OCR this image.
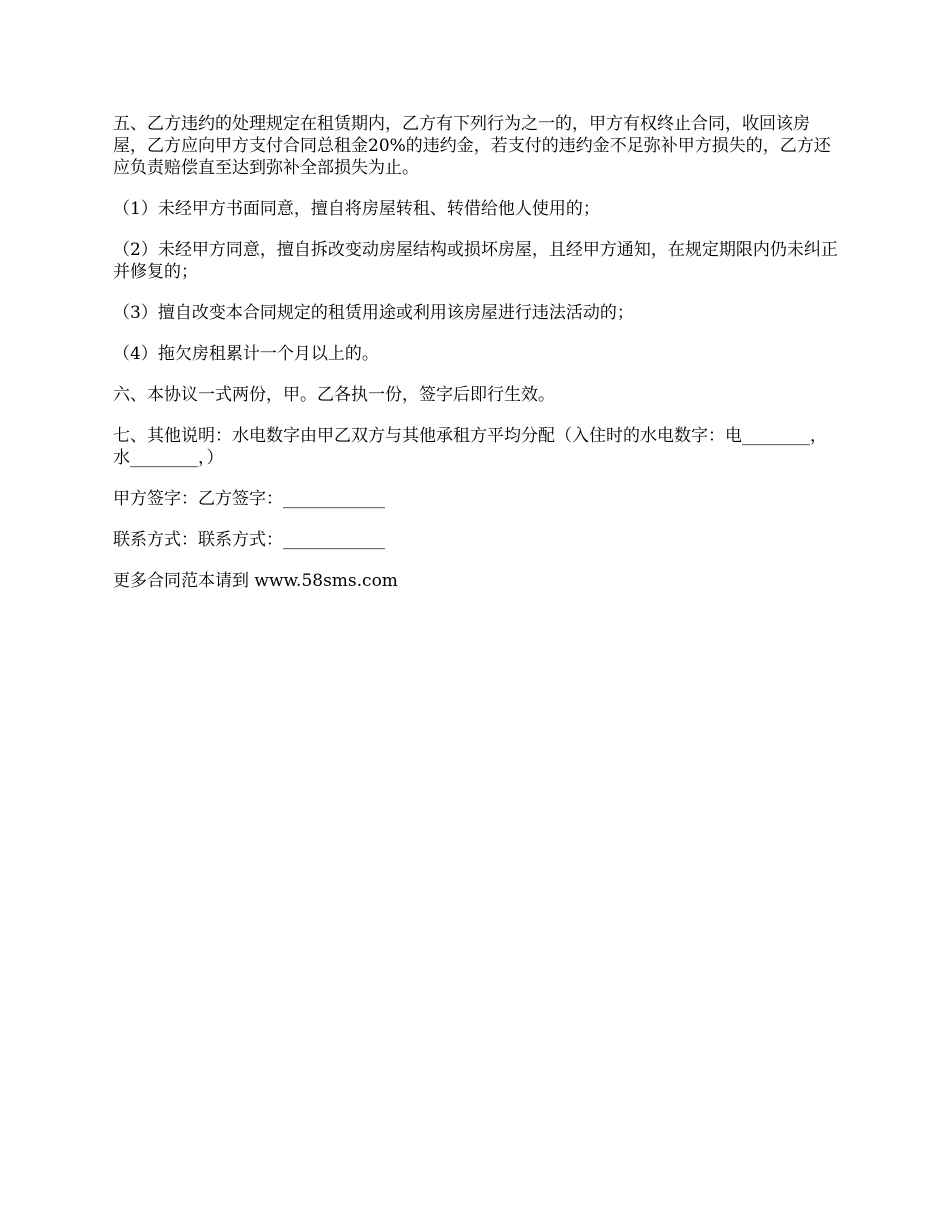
五、乙方违约的处理规定在租赁期内，乙方有下列行为之一的，甲方有权终止合同，收回该房屋，乙方应向甲方支付合同总租金20%的违约金，若支付的违约金不足弥补甲方损失的，乙方还应负责赔偿直至达到弥补全部损失为止。

（1）未经甲方书面同意，擅自将房屋转租、转借给他人使用的；

（2）未经甲方同意，擅自拆改变动房屋结构或损坏房屋，且经甲方通知，在规定期限内仍未纠正并修复的；

（3）擅自改变本合同规定的租赁用途或利用该房屋进行违法活动的；

（4）拖欠房租累计一个月以上的。

六、本协议一式两份，甲。乙各执一份，签字后即行生效。

七、其他说明：水电数字由甲乙双方与其他承租方平均分配（入住时的水电数字：电________，水________，）

甲方签字：乙方签字：____________

联系方式：联系方式：____________

更多合同范本请到 www.58sms.com
